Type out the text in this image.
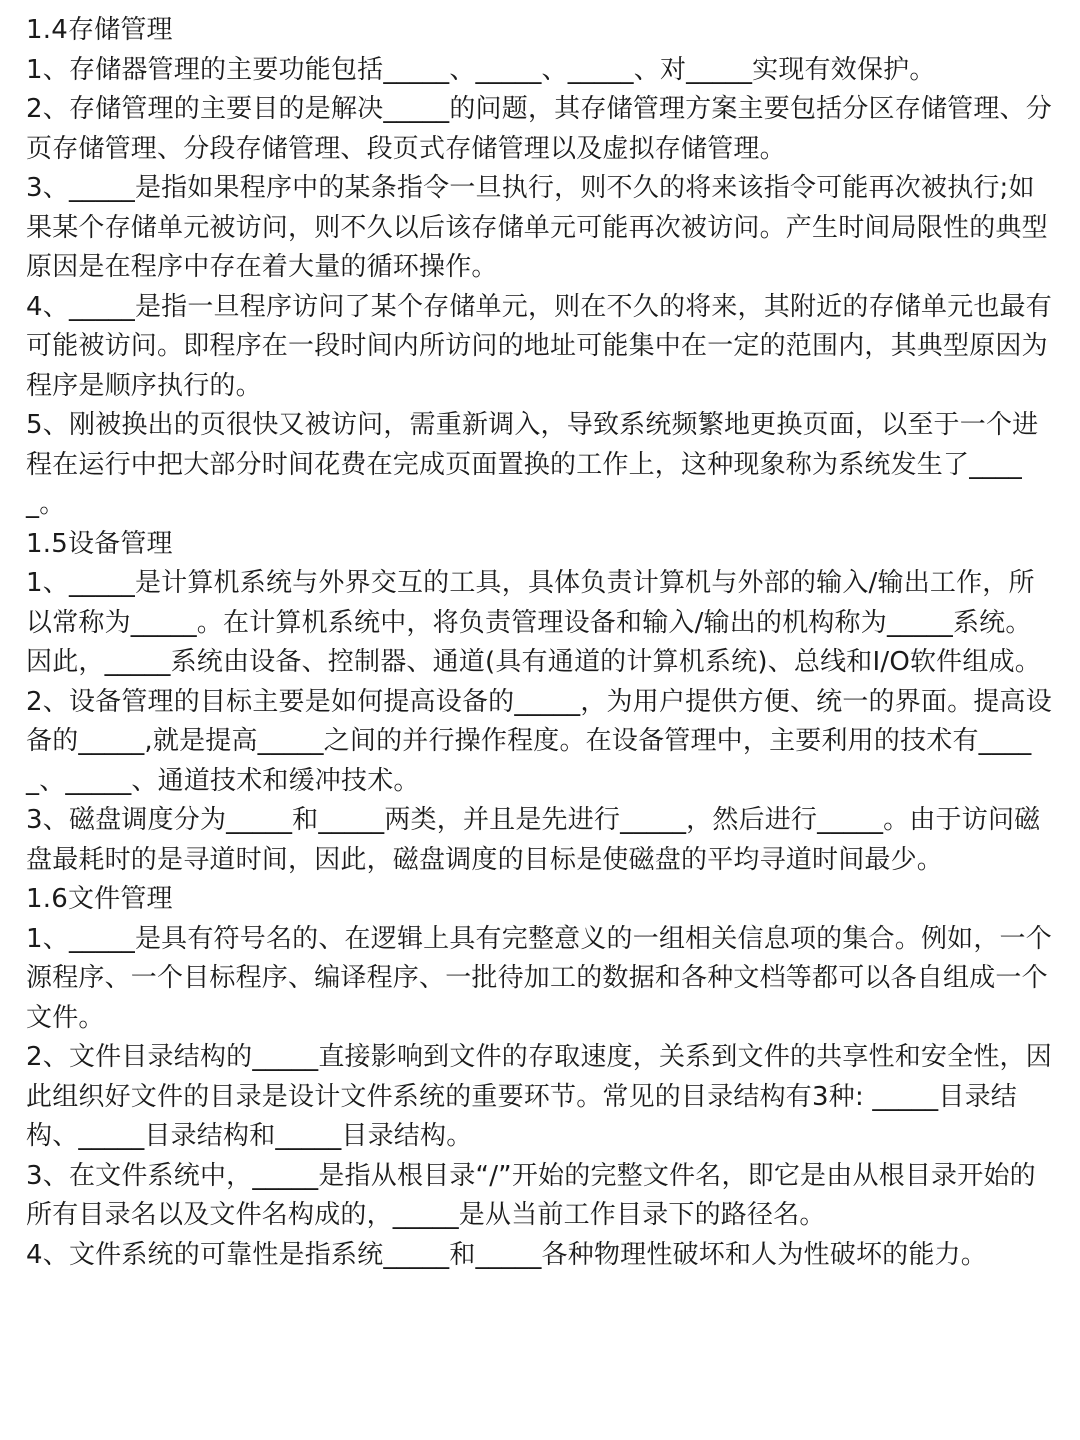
1.4存储管理

1、存储器管理的主要功能包括_____、_____、_____、对_____实现有效保护。

2、存储管理的主要目的是解决_____的问题，其存储管理方案主要包括分区存储管理、分页存储管理、分段存储管理、段页式存储管理以及虚拟存储管理。

3、_____是指如果程序中的某条指令一旦执行，则不久的将来该指令可能再次被执行;如果某个存储单元被访问，则不久以后该存储单元可能再次被访问。产生时间局限性的典型原因是在程序中存在着大量的循环操作。

4、_____是指一旦程序访问了某个存储单元，则在不久的将来，其附近的存储单元也最有可能被访问。即程序在一段时间内所访问的地址可能集中在一定的范围内，其典型原因为程序是顺序执行的。

5、刚被换出的页很快又被访问，需重新调入，导致系统频繁地更换页面，以至于一个进程在运行中把大部分时间花费在完成页面置换的工作上，这种现象称为系统发生了_____。

1.5设备管理

1、_____是计算机系统与外界交互的工具，具体负责计算机与外部的输入/输出工作，所以常称为_____。在计算机系统中，将负责管理设备和输入/输出的机构称为_____系统。

因此，_____系统由设备、控制器、通道(具有通道的计算机系统)、总线和I/O软件组成。

2、设备管理的目标主要是如何提高设备的_____，为用户提供方便、统一的界面。提高设备的_____,就是提高_____之间的并行操作程度。在设备管理中，主要利用的技术有_____、_____、通道技术和缓冲技术。

3、磁盘调度分为_____和_____两类，并且是先进行_____，然后进行_____。由于访问磁盘最耗时的是寻道时间，因此，磁盘调度的目标是使磁盘的平均寻道时间最少。

1.6文件管理

1、_____是具有符号名的、在逻辑上具有完整意义的一组相关信息项的集合。例如，一个源程序、一个目标程序、编译程序、一批待加工的数据和各种文档等都可以各自组成一个文件。

2、文件目录结构的_____直接影响到文件的存取速度，关系到文件的共享性和安全性，因此组织好文件的目录是设计文件系统的重要环节。常见的目录结构有3种: _____目录结构、_____目录结构和_____目录结构。

3、在文件系统中，_____是指从根目录“/”开始的完整文件名，即它是由从根目录开始的所有目录名以及文件名构成的，_____是从当前工作目录下的路径名。

4、文件系统的可靠性是指系统_____和_____各种物理性破坏和人为性破坏的能力。
